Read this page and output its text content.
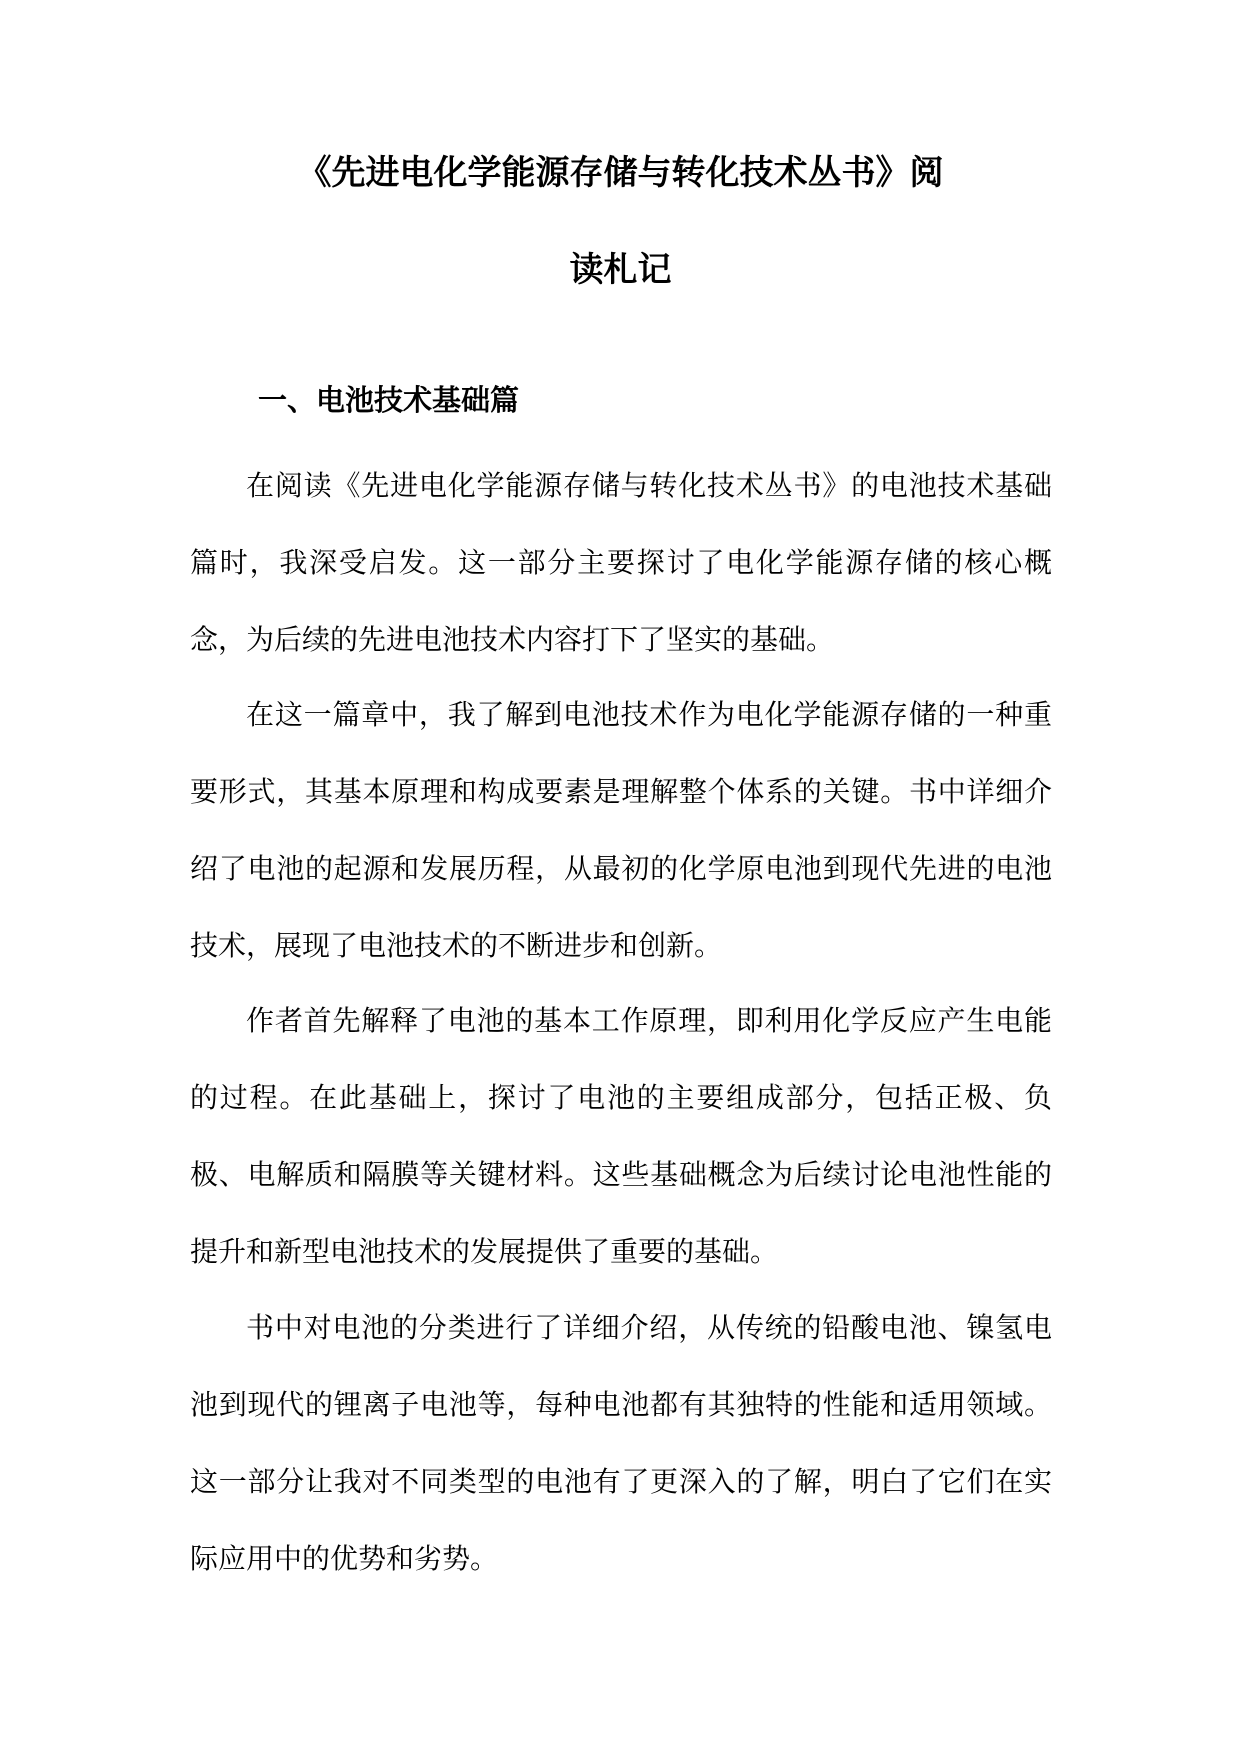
《先进电化学能源存储与转化技术丛书》阅
读札记
一、电池技术基础篇

在阅读《先进电化学能源存储与转化技术丛书》的电池技术基础篇时，我深受启发。这一部分主要探讨了电化学能源存储的核心概念，为后续的先进电池技术内容打下了坚实的基础。

在这一篇章中，我了解到电池技术作为电化学能源存储的一种重要形式，其基本原理和构成要素是理解整个体系的关键。书中详细介绍了电池的起源和发展历程，从最初的化学原电池到现代先进的电池技术，展现了电池技术的不断进步和创新。

作者首先解释了电池的基本工作原理，即利用化学反应产生电能的过程。在此基础上，探讨了电池的主要组成部分，包括正极、负极、电解质和隔膜等关键材料。这些基础概念为后续讨论电池性能的提升和新型电池技术的发展提供了重要的基础。

书中对电池的分类进行了详细介绍，从传统的铅酸电池、镍氢电池到现代的锂离子电池等，每种电池都有其独特的性能和适用领域。这一部分让我对不同类型的电池有了更深入的了解，明白了它们在实际应用中的优势和劣势。
